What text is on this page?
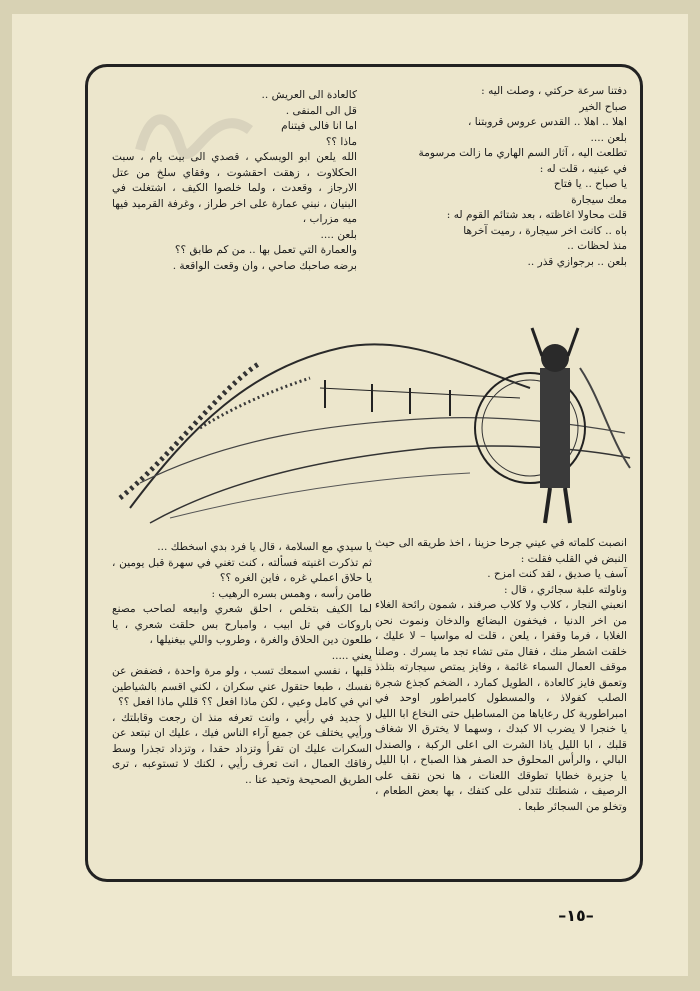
دفتنا سرعة حركتي ، وصلت اليه :

صباح الخير

اهلا .. اهلا .. القدس عروس قروبتنا ،

بلعن ....

تطلعت اليه ، آثار السم الهاري ما زالت مرسومة

في عينيه ، قلت له :

يا صباح .. يا فتاح

معك سيجارة

قلت محاولا اغاظته ، بعد شتائم القوم له :

باه .. كانت اخر سيجارة ، رميت آخرها

منذ لحظات ..

بلعن .. برجوازي قذر ..

كالعادة الى العريش ..

قل الى المنفى .

اما انا فالى فيتنام

ماذا ؟؟

الله يلعن ابو الويسكي ، قصدي الى بيت يام ، سبت الحكلاوت ، زهقت احقشوت ، وفقاي سلخ من عتل الارجاز ، وقعدت ، ولما خلصوا الكيف ، اشتغلت في البنيان ، نبني عمارة على اخر طراز ، وغرفة القرميد فيها ميه مزراب ،

بلعن ....

والعمارة التي تعمل بها .. من كم طابق ؟؟

برضه صاحبك صاحي ، وان وقعت الواقعة .

انصبت كلماته في عيني جرحا حزينا ، اخذ طريقه الى حيث النبض في القلب فقلت :

آسف يا صديق ، لقد كنت امزح .

وناولته علبة سجائري ، قال :

انعبني النجار ، كلاب ولا كلاب صرفند ، شمون رائحة الغلاء من اخر الدنيا ، فيخفون البضائع والدخان ونموت نحن الغلابا ، فرما وقفرا ، يلعن ، قلت له مواسيا – لا عليك ، خلقت اشطر منك ، فقال متى تشاء تجد ما يسرك . وصلنا موقف العمال السماء غائمة ، وفايز يمتص سيجارته بتلذذ وتعمق فايز كالعادة ، الطويل كمارد ، الضخم كجذع شجرة الصلب كفولاذ ، والمسطول كامبراطور اوحد في امبراطورية كل رعاياها من المساطيل حتى النخاع ابا الليل يا خنجرا لا يضرب الا كبدك ، وسهما لا يخترق الا شغاف قلبك ، ابا الليل ياذا الشرت الى اعلى الركبة ، والصندل البالي ، والرأس المحلوق حد الصفر هذا الصباح ، ابا الليل يا جزيرة خطايا تطوقك اللعنات ، ها نحن نقف على الرصيف ، شنطتك تتدلى على كتفك ، بها بعض الطعام ، وتخلو من السجائر طبعا .

يا سيدي مع السلامة ، قال يا فرد بدي اسخطك ...

ثم تذكرت اغنيته فسألته ، كنت تغني في سهرة قبل يومين ، يا حلاق اعملي غره ، فاين الغره ؟؟

طامن رأسه ، وهمس بسره الرهيب :

لما الكيف بتخلص ، احلق شعري وابيعه لصاحب مصنع باروكات في تل ابيب ، وامبارح بس حلقت شعري ، يا طلعون دين الحلاق والغرة ، وطروب واللي بيغنيلها ،

يعني .....

قلبها ، نفسي اسمعك تسب ، ولو مرة واحدة ، فضفض عن نفسك ، طبعا حتقول عني سكران ، لكني اقسم بالشياطين اني في كامل وعيي ، لكن ماذا افعل ؟؟ قللي ماذا افعل ؟؟

لا جديد في رأيي ، وانت تعرفه منذ ان رجعت وقابلتك ، ورأيي يختلف عن جميع آراء الناس فيك ، عليك ان تبتعد عن السكرات عليك ان تقرأ وتزداد حقدا ، وتزداد تجذرا وسط رفاقك العمال ، انت تعرف رأيي ، لكنك لا تستوعبه ، ترى الطريق الصحيحة وتحيد عنا ..

–١٥–
